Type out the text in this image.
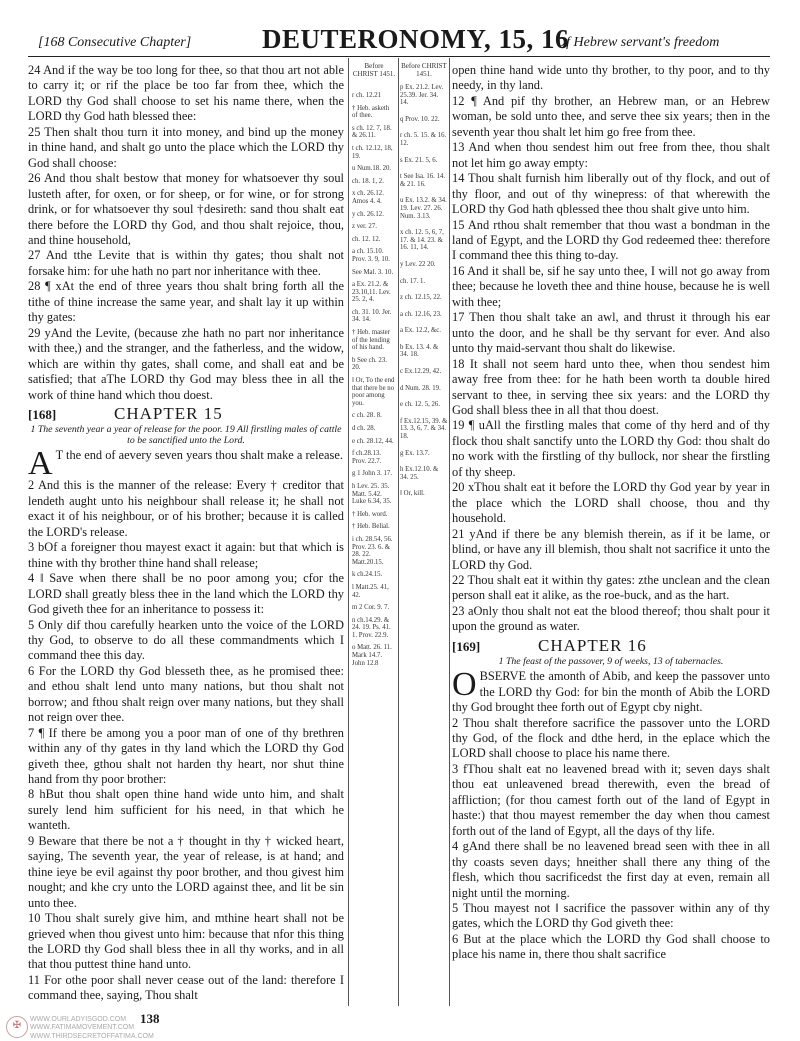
[168 Consecutive Chapter]	DEUTERONOMY, 15, 16
Of Hebrew servant's freedom

24 And if the way be too long for thee, so that thou art not able to carry it; or rif the place be too far from thee, which the LORD thy God shall choose to set his name there, when the LORD thy God hath blessed thee:

25 Then shalt thou turn it into money, and bind up the money in thine hand, and shalt go unto the place which the LORD thy God shall choose:

26 And thou shalt bestow that money for whatsoever thy soul lusteth after, for oxen, or for sheep, or for wine, or for strong drink, or for whatsoever thy soul †desireth: sand thou shalt eat there before the LORD thy God, and thou shalt rejoice, thou, and thine household,

27 And tthe Levite that is within thy gates; thou shalt not forsake him: for uhe hath no part nor inheritance with thee.

28 ¶ xAt the end of three years thou shalt bring forth all the tithe of thine increase the same year, and shalt lay it up within thy gates:

29 yAnd the Levite, (because zhe hath no part nor inheritance with thee,) and the stranger, and the fatherless, and the widow, which are within thy gates, shall come, and shall eat and be satisfied; that aThe LORD thy God may bless thee in all the work of thine hand which thou doest.

[168]	CHAPTER 15
1 The seventh year a year of release for the poor. 19 All firstling males of cattle to be sanctified unto the Lord.

A T the end of aevery seven years thou shalt make a release.

2 And this is the manner of the release: Every † creditor that lendeth aught unto his neighbour shall release it; he shall not exact it of his neighbour, or of his brother; because it is called the LORD's release.

3 bOf a foreigner thou mayest exact it again: but that which is thine with thy brother thine hand shall release;

4 ‖ Save when there shall be no poor among you; cfor the LORD shall greatly bless thee in the land which the LORD thy God giveth thee for an inheritance to possess it:

5 Only dif thou carefully hearken unto the voice of the LORD thy God, to observe to do all these commandments which I command thee this day.

6 For the LORD thy God blesseth thee, as he promised thee: and ethou shalt lend unto many nations, but thou shalt not borrow; and fthou shalt reign over many nations, but they shall not reign over thee.

7 ¶ If there be among you a poor man of one of thy brethren within any of thy gates in thy land which the LORD thy God giveth thee, gthou shalt not harden thy heart, nor shut thine hand from thy poor brother:

8 hBut thou shalt open thine hand wide unto him, and shalt surely lend him sufficient for his need, in that which he wanteth.

9 Beware that there be not a † thought in thy † wicked heart, saying, The seventh year, the year of release, is at hand; and thine ieye be evil against thy poor brother, and thou givest him nought; and khe cry unto the LORD against thee, and lit be sin unto thee.

10 Thou shalt surely give him, and mthine heart shall not be grieved when thou givest unto him: because that nfor this thing the LORD thy God shall bless thee in all thy works, and in all that thou puttest thine hand unto.

11 For othe poor shall never cease out of the land: therefore I command thee, saying, Thou shalt

Before CHRIST 1451.
r ch. 12.21
† Heb. asketh of thee.
s ch. 12. 7, 18. & 26.11.
t ch. 12.12, 18, 19.
u Num.18. 20.
ch. 18. 1, 2.
x ch. 26.12. Amos 4. 4.
y ch. 26.12.
z ver. 27.
ch. 12. 12.
a ch. 15.10. Prov. 3. 9, 10.
See Mal. 3. 10.
a Ex. 21.2. & 23.10,11. Lev. 25. 2, 4.
ch. 31. 10. Jer. 34. 14.
† Heb. master of the lending of his hand.
b See ch. 23. 20.
‖ Or, To the end that there be no poor among you.
c ch. 28. 8.
d ch. 28.
e ch. 28.12, 44.
f ch.28.13. Prov. 22.7.
g 1 John 3. 17.
h Lev. 25. 35. Matt. 5.42. Luke 6.34, 35.
† Heb. word.
† Heb. Belial.
i ch. 28.54, 56. Prov. 23. 6. & 28. 22. Matt.20.15.
k ch.24.15.
l Matt.25. 41, 42.
m 2 Cor. 9. 7.
n ch.14.29. & 24. 19. Ps. 41. 1. Prov. 22.9.
o Matt. 26. 11. Mark 14.7. John 12.8
Before CHRIST 1451.
p Ex. 21.2. Lev. 25.39. Jer. 34. 14.
q Prov. 10. 22.
r ch. 5. 15. & 16. 12.
s Ex. 21. 5, 6.
t See Isa. 16. 14. & 21. 16.
u Ex. 13.2. & 34. 19. Lev. 27. 26. Num. 3.13.
x ch. 12. 5, 6, 7, 17. & 14. 23. & 16. 11, 14.
y Lev. 22 20.
ch. 17. 1.
z ch. 12.15, 22.
a ch. 12.16, 23.
a Ex. 12.2, &c.
b Ex. 13. 4. & 34. 18.
c Ex.12.29, 42.
d Num. 28. 19.
e ch. 12. 5, 26.
f Ex.12.15, 39. & 13. 3, 6, 7. & 34. 18.
g Ex. 13.7.
h Ex.12.10. & 34. 25.
‖ Or, kill.

open thine hand wide unto thy brother, to thy poor, and to thy needy, in thy land.

12 ¶ And pif thy brother, an Hebrew man, or an Hebrew woman, be sold unto thee, and serve thee six years; then in the seventh year thou shalt let him go free from thee.

13 And when thou sendest him out free from thee, thou shalt not let him go away empty:

14 Thou shalt furnish him liberally out of thy flock, and out of thy floor, and out of thy winepress: of that wherewith the LORD thy God hath qblessed thee thou shalt give unto him.

15 And rthou shalt remember that thou wast a bondman in the land of Egypt, and the LORD thy God redeemed thee: therefore I command thee this thing to-day.

16 And it shall be, sif he say unto thee, I will not go away from thee; because he loveth thee and thine house, because he is well with thee;

17 Then thou shalt take an awl, and thrust it through his ear unto the door, and he shall be thy servant for ever. And also unto thy maid-servant thou shalt do likewise.

18 It shall not seem hard unto thee, when thou sendest him away free from thee: for he hath been worth ta double hired servant to thee, in serving thee six years: and the LORD thy God shall bless thee in all that thou doest.

19 ¶ uAll the firstling males that come of thy herd and of thy flock thou shalt sanctify unto the LORD thy God: thou shalt do no work with the firstling of thy bullock, nor shear the firstling of thy sheep.

20 xThou shalt eat it before the LORD thy God year by year in the place which the LORD shall choose, thou and thy household.

21 yAnd if there be any blemish therein, as if it be lame, or blind, or have any ill blemish, thou shalt not sacrifice it unto the LORD thy God.

22 Thou shalt eat it within thy gates: zthe unclean and the clean person shall eat it alike, as the roe-buck, and as the hart.

23 aOnly thou shalt not eat the blood thereof; thou shalt pour it upon the ground as water.

[169]	CHAPTER 16
1 The feast of the passover, 9 of weeks, 13 of tabernacles.

OBSERVE the amonth of Abib, and keep the passover unto the LORD thy God: for bin the month of Abib the LORD thy God brought thee forth out of Egypt cby night.

2 Thou shalt therefore sacrifice the passover unto the LORD thy God, of the flock and dthe herd, in the eplace which the LORD shall choose to place his name there.

3 fThou shalt eat no leavened bread with it; seven days shalt thou eat unleavened bread therewith, even the bread of affliction; (for thou camest forth out of the land of Egypt in haste:) that thou mayest remember the day when thou camest forth out of the land of Egypt, all the days of thy life.

4 gAnd there shall be no leavened bread seen with thee in all thy coasts seven days; hneither shall there any thing of the flesh, which thou sacrificedst the first day at even, remain all night until the morning.

5 Thou mayest not ‖ sacrifice the passover within any of thy gates, which the LORD thy God giveth thee:

6 But at the place which the LORD thy God shall choose to place his name in, there thou shalt sacrifice

✠
WWW.OURLADYISGOD.COM
WWW.FATIMAMOVEMENT.COM
WWW.THIRDSECRETOFFATIMA.COM
138
